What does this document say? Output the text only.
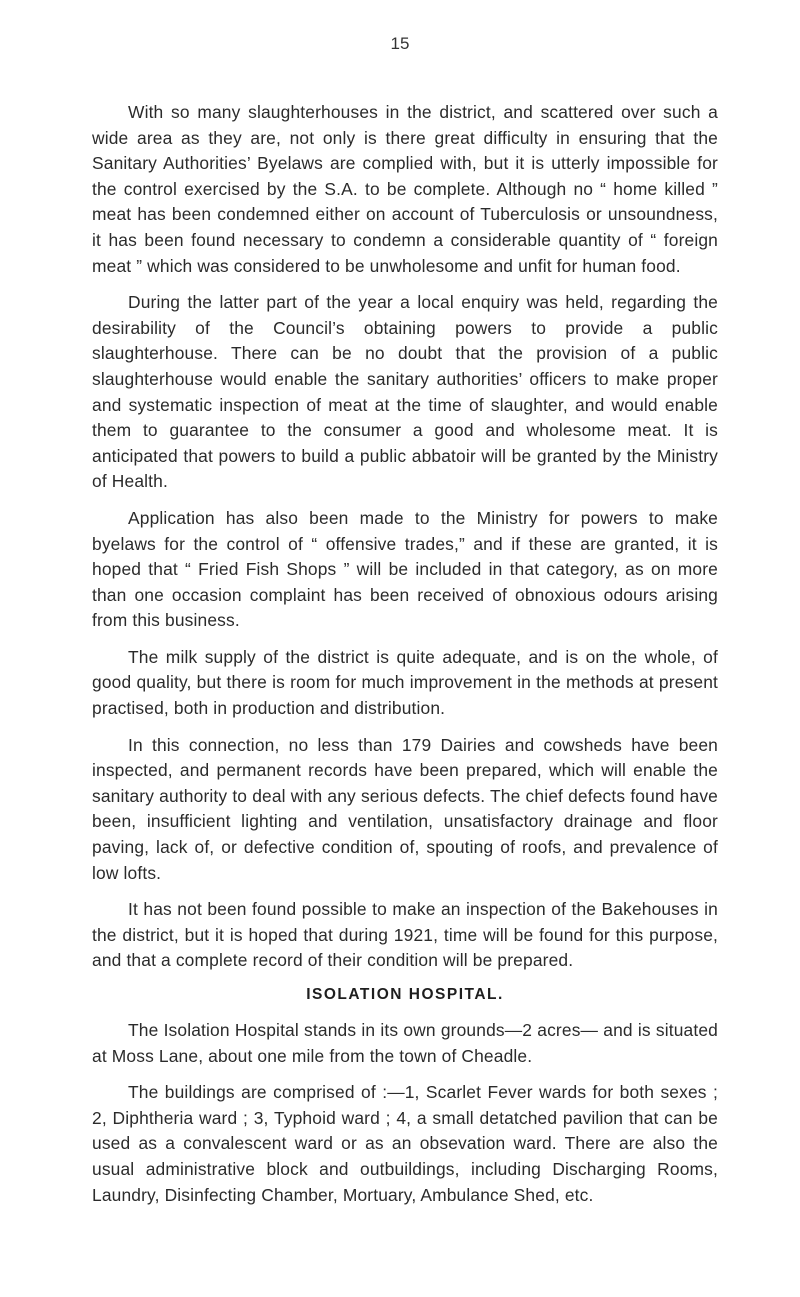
15

With so many slaughterhouses in the district, and scattered over such a wide area as they are, not only is there great difficulty in ensuring that the Sanitary Authorities’ Byelaws are complied with, but it is utterly impossible for the control exercised by the S.A. to be complete. Although no “ home killed ” meat has been condemned either on account of Tuberculosis or unsoundness, it has been found necessary to condemn a considerable quantity of “ foreign meat ” which was considered to be unwholesome and unfit for human food.

During the latter part of the year a local enquiry was held, regarding the desirability of the Council’s obtaining powers to provide a public slaughterhouse. There can be no doubt that the provision of a public slaughterhouse would enable the sanitary authorities’ officers to make proper and systematic inspection of meat at the time of slaughter, and would enable them to guarantee to the consumer a good and wholesome meat. It is anticipated that powers to build a public abbatoir will be granted by the Ministry of Health.

Application has also been made to the Ministry for powers to make byelaws for the control of “ offensive trades,” and if these are granted, it is hoped that “ Fried Fish Shops ” will be included in that category, as on more than one occasion complaint has been received of obnoxious odours arising from this business.

The milk supply of the district is quite adequate, and is on the whole, of good quality, but there is room for much improvement in the methods at present practised, both in production and distribution.

In this connection, no less than 179 Dairies and cowsheds have been inspected, and permanent records have been prepared, which will enable the sanitary authority to deal with any serious defects. The chief defects found have been, insufficient lighting and ventilation, unsatisfactory drainage and floor paving, lack of, or defective condition of, spouting of roofs, and prevalence of low lofts.

It has not been found possible to make an inspection of the Bakehouses in the district, but it is hoped that during 1921, time will be found for this purpose, and that a complete record of their condition will be prepared.

ISOLATION HOSPITAL.

The Isolation Hospital stands in its own grounds—2 acres— and is situated at Moss Lane, about one mile from the town of Cheadle.

The buildings are comprised of :—1, Scarlet Fever wards for both sexes ; 2, Diphtheria ward ; 3, Typhoid ward ; 4, a small detatched pavilion that can be used as a convalescent ward or as an obsevation ward. There are also the usual administrative block and outbuildings, including Discharging Rooms, Laundry, Disinfecting Chamber, Mortuary, Ambulance Shed, etc.
